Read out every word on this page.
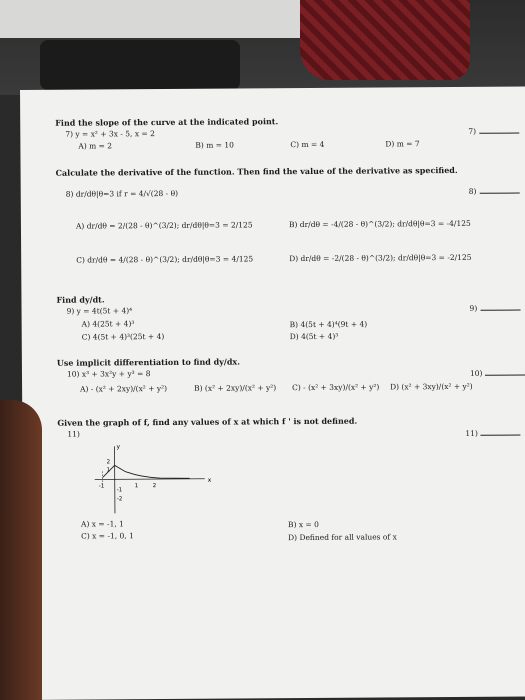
Find the slope of the curve at the indicated point.
7) y = x² + 3x - 5, x = 2
A) m = 2	B) m = 10	C) m = 4	D) m = 7
7)
Calculate the derivative of the function. Then find the value of the derivative as specified.
8) dr/dθ|θ=3 if r = 4/√(28 - θ)
A) dr/dθ = 2/(28 - θ)^(3/2); dr/dθ|θ=3 = 2/125	B) dr/dθ = -4/(28 - θ)^(3/2); dr/dθ|θ=3 = -4/125
C) dr/dθ = 4/(28 - θ)^(3/2); dr/dθ|θ=3 = 4/125	D) dr/dθ = -2/(28 - θ)^(3/2); dr/dθ|θ=3 = -2/125
8)
Find dy/dt.
9) y = 4t(5t + 4)⁴
A) 4(25t + 4)³	B) 4(5t + 4)⁴(9t + 4)
C) 4(5t + 4)³(25t + 4)	D) 4(5t + 4)³
9)
Use implicit differentiation to find dy/dx.
10) x³ + 3x²y + y³ = 8
A) - (x² + 2xy)/(x² + y²)	B) (x² + 2xy)/(x² + y²) C) - (x² + 3xy)/(x² + y²) D) (x² + 3xy)/(x² + y²)
10)
Given the graph of f, find any values of x at which f ' is not defined.
11)	11)
x
y
2
1
-1
-2
-1	1	2
A) x = -1, 1	B) x = 0
C) x = -1, 0, 1	D) Defined for all values of x
